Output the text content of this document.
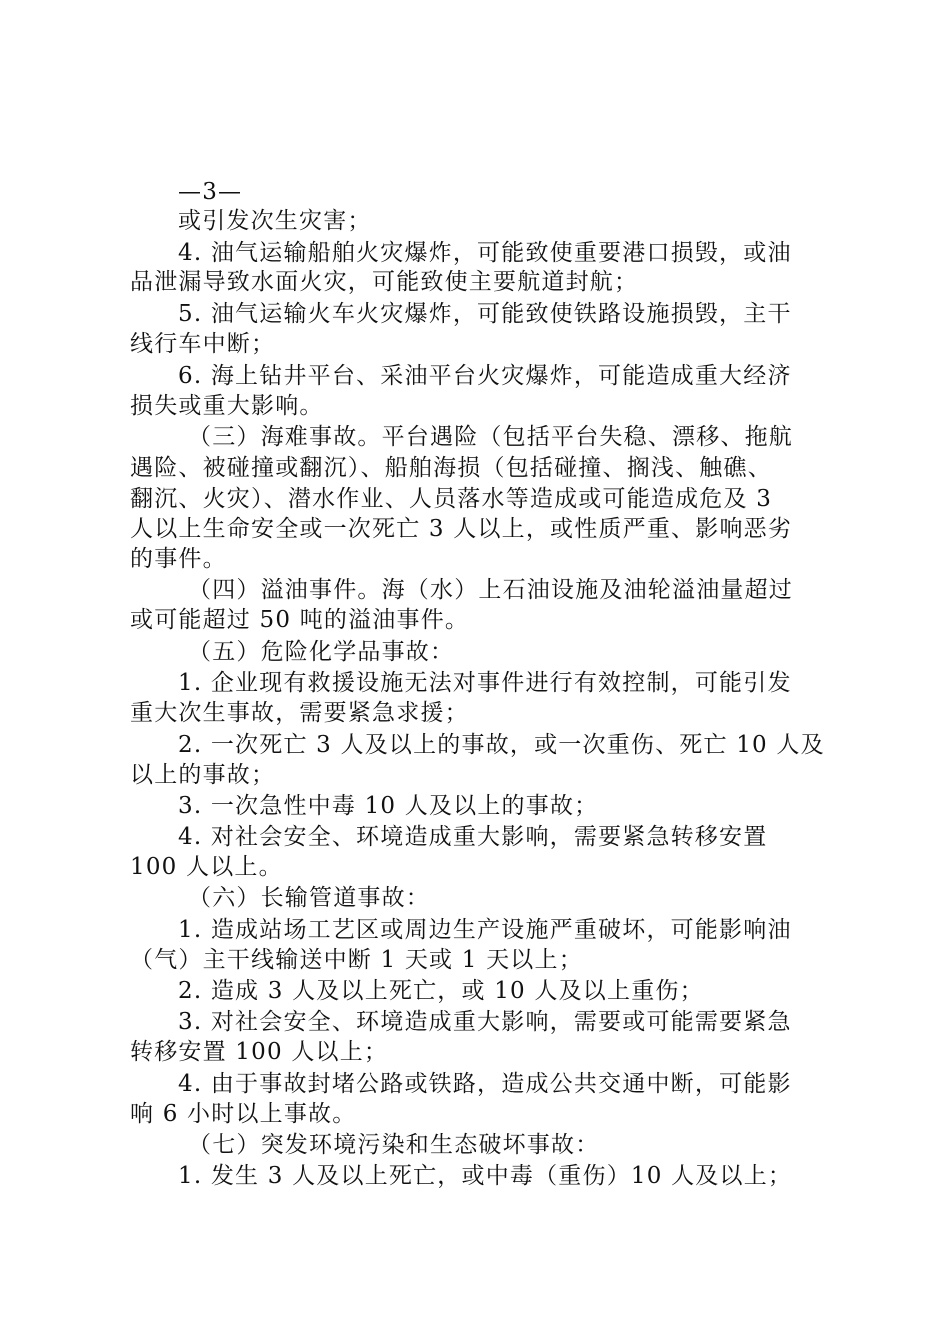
—3—
或引发次生灾害；
4. 油气运输船舶火灾爆炸，可能致使重要港口损毁，或油
品泄漏导致水面火灾，可能致使主要航道封航；
5. 油气运输火车火灾爆炸，可能致使铁路设施损毁，主干
线行车中断；
6. 海上钻井平台、采油平台火灾爆炸，可能造成重大经济
损失或重大影响。
（三）海难事故。平台遇险（包括平台失稳、漂移、拖航
遇险、被碰撞或翻沉）、船舶海损（包括碰撞、搁浅、触礁、
翻沉、火灾）、潜水作业、人员落水等造成或可能造成危及 3
人以上生命安全或一次死亡 3 人以上，或性质严重、影响恶劣
的事件。
（四）溢油事件。海（水）上石油设施及油轮溢油量超过
或可能超过 50 吨的溢油事件。
（五）危险化学品事故：
1. 企业现有救援设施无法对事件进行有效控制，可能引发
重大次生事故，需要紧急求援；
2. 一次死亡 3 人及以上的事故，或一次重伤、死亡 10 人及
以上的事故；
3. 一次急性中毒 10 人及以上的事故；
4. 对社会安全、环境造成重大影响，需要紧急转移安置
100 人以上。
（六）长输管道事故：
1. 造成站场工艺区或周边生产设施严重破坏，可能影响油
（气）主干线输送中断 1 天或 1 天以上；
2. 造成 3 人及以上死亡，或 10 人及以上重伤；
3. 对社会安全、环境造成重大影响，需要或可能需要紧急
转移安置 100 人以上；
4. 由于事故封堵公路或铁路，造成公共交通中断，可能影
响 6 小时以上事故。
（七）突发环境污染和生态破坏事故：
1. 发生 3 人及以上死亡，或中毒（重伤）10 人及以上；
